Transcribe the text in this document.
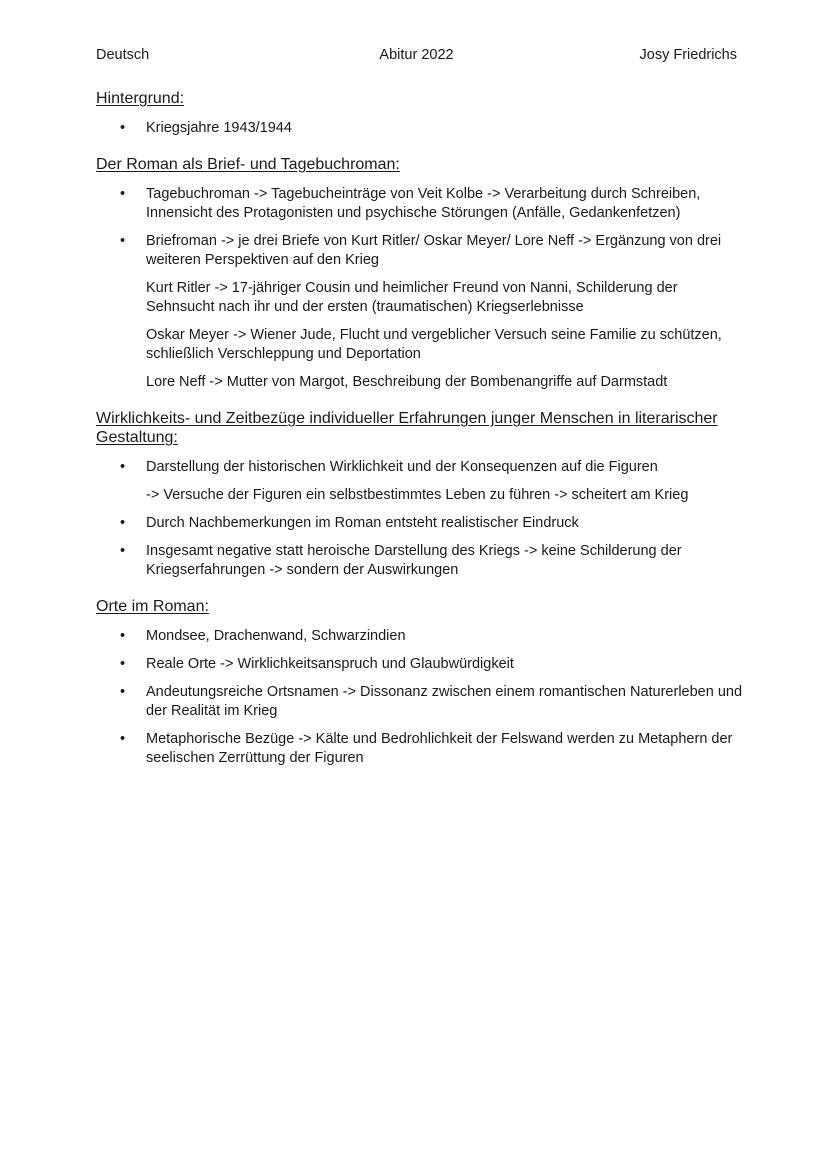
Deutsch	Abitur 2022	Josy Friedrichs

Hintergrund:

• Kriegsjahre 1943/1944

Der Roman als Brief- und Tagebuchroman:

• Tagebuchroman -> Tagebucheinträge von Veit Kolbe -> Verarbeitung durch Schreiben, Innensicht des Protagonisten und psychische Störungen (Anfälle, Gedankenfetzen)
• Briefroman -> je drei Briefe von Kurt Ritler/ Oskar Meyer/ Lore Neff -> Ergänzung von drei weiteren Perspektiven auf den Krieg
Kurt Ritler -> 17-jähriger Cousin und heimlicher Freund von Nanni, Schilderung der Sehnsucht nach ihr und der ersten (traumatischen) Kriegserlebnisse
Oskar Meyer -> Wiener Jude, Flucht und vergeblicher Versuch seine Familie zu schützen, schließlich Verschleppung und Deportation
Lore Neff -> Mutter von Margot, Beschreibung der Bombenangriffe auf Darmstadt

Wirklichkeits- und Zeitbezüge individueller Erfahrungen junger Menschen in literarischer Gestaltung:

• Darstellung der historischen Wirklichkeit und der Konsequenzen auf die Figuren
-> Versuche der Figuren ein selbstbestimmtes Leben zu führen -> scheitert am Krieg
• Durch Nachbemerkungen im Roman entsteht realistischer Eindruck
• Insgesamt negative statt heroische Darstellung des Kriegs -> keine Schilderung der Kriegserfahrungen -> sondern der Auswirkungen

Orte im Roman:

• Mondsee, Drachenwand, Schwarzindien
• Reale Orte -> Wirklichkeitsanspruch und Glaubwürdigkeit
• Andeutungsreiche Ortsnamen -> Dissonanz zwischen einem romantischen Naturerleben und der Realität im Krieg
• Metaphorische Bezüge -> Kälte und Bedrohlichkeit der Felswand werden zu Metaphern der seelischen Zerrüttung der Figuren
